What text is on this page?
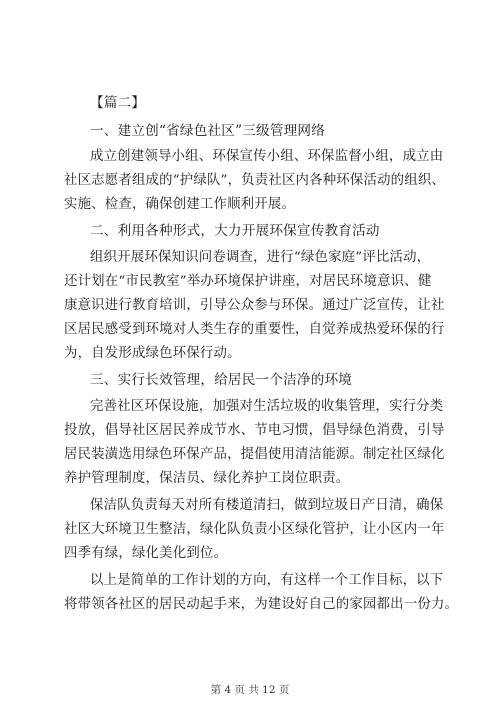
【篇二】
一、建立创“省绿色社区”三级管理网络
成立创建领导小组、环保宣传小组、环保监督小组，成立由
社区志愿者组成的“护绿队”，负责社区内各种环保活动的组织、
实施、检查，确保创建工作顺利开展。
二、利用各种形式，大力开展环保宣传教育活动
组织开展环保知识问卷调查，进行“绿色家庭”评比活动，
还计划在“市民教室”举办环境保护讲座，对居民环境意识、健
康意识进行教育培训，引导公众参与环保。通过广泛宣传，让社
区居民感受到环境对人类生存的重要性，自觉养成热爱环保的行
为，自发形成绿色环保行动。
三、实行长效管理，给居民一个洁净的环境
完善社区环保设施，加强对生活垃圾的收集管理，实行分类
投放，倡导社区居民养成节水、节电习惯，倡导绿色消费，引导
居民装潢选用绿色环保产品，提倡使用清洁能源。制定社区绿化
养护管理制度，保洁员、绿化养护工岗位职责。
保洁队负责每天对所有楼道清扫，做到垃圾日产日清，确保
社区大环境卫生整洁，绿化队负责小区绿化管护，让小区内一年
四季有绿，绿化美化到位。
以上是简单的工作计划的方向，有这样一个工作目标，以下
将带领各社区的居民动起手来，为建设好自己的家园都出一份力。
第 4 页 共 12 页
